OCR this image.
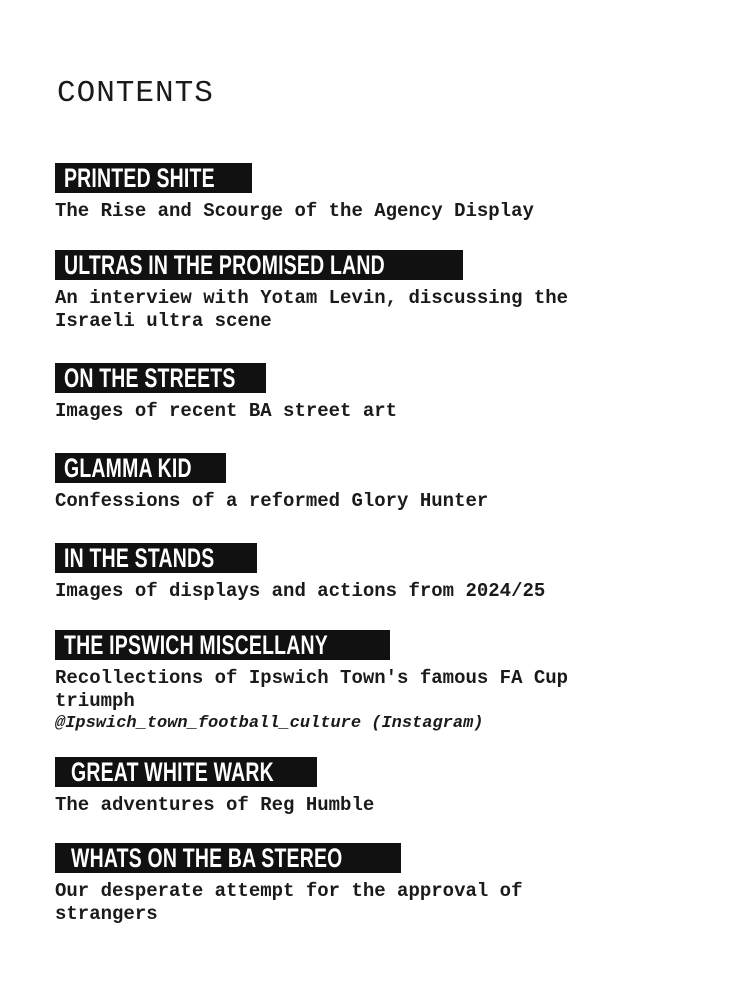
CONTENTS
PRINTED SHITE
The Rise and Scourge of the Agency Display
ULTRAS IN THE PROMISED LAND
An interview with Yotam Levin, discussing the
Israeli ultra scene
ON THE STREETS
Images of recent BA street art
GLAMMA KID
Confessions of a reformed Glory Hunter
IN THE STANDS
Images of displays and actions from 2024/25
THE IPSWICH MISCELLANY
Recollections of Ipswich Town's famous FA Cup
triumph
@Ipswich_town_football_culture (Instagram)
GREAT WHITE WARK
The adventures of Reg Humble
WHATS ON THE BA STEREO
Our desperate attempt for the approval of
strangers
